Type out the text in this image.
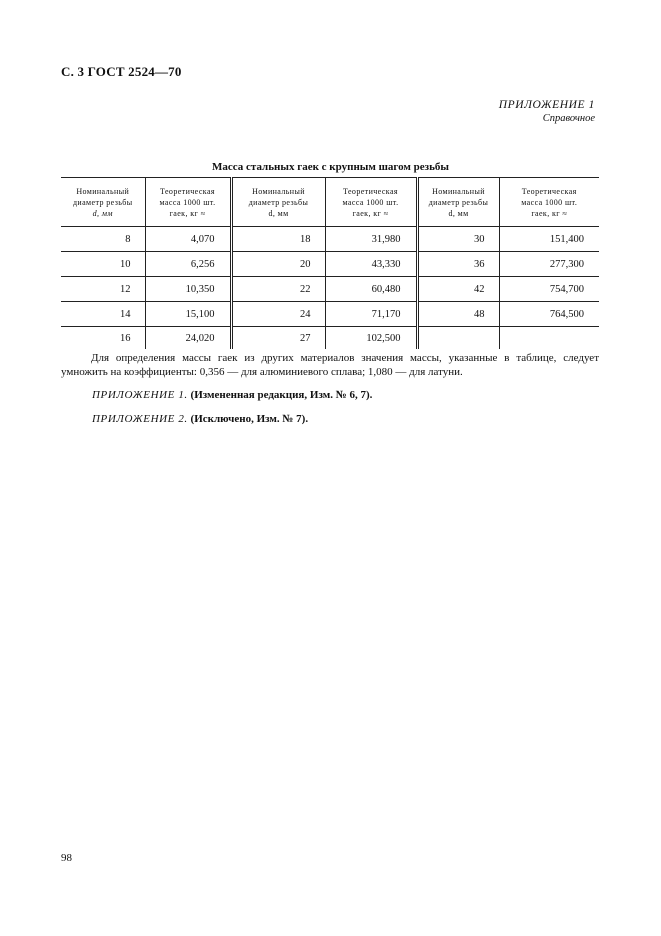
С. 3 ГОСТ 2524—70
ПРИЛОЖЕНИЕ 1
Справочное
Масса стальных гаек с крупным шагом резьбы
Номинальный
диаметр резьбы
d, мм	Теоретическая
масса 1000 шт.
гаек, кг ≈	Номинальный
диаметр резьбы
d, мм	Теоретическая
масса 1000 шт.
гаек, кг ≈	Номинальный
диаметр резьбы
d, мм	Теоретическая
масса 1000 шт.
гаек, кг ≈

8	4,070	18	31,980	30	151,400
10	6,256	20	43,330	36	277,300
12	10,350	22	60,480	42	754,700
14	15,100	24	71,170	48	764,500
16	24,020	27	102,500		
Для определения массы гаек из других материалов значения массы, указанные в таблице, следует умножить на коэффициенты: 0,356 — для алюминиевого сплава; 1,080 — для латуни.
ПРИЛОЖЕНИЕ 1. (Измененная редакция, Изм. № 6, 7).
ПРИЛОЖЕНИЕ 2. (Исключено, Изм. № 7).
98
